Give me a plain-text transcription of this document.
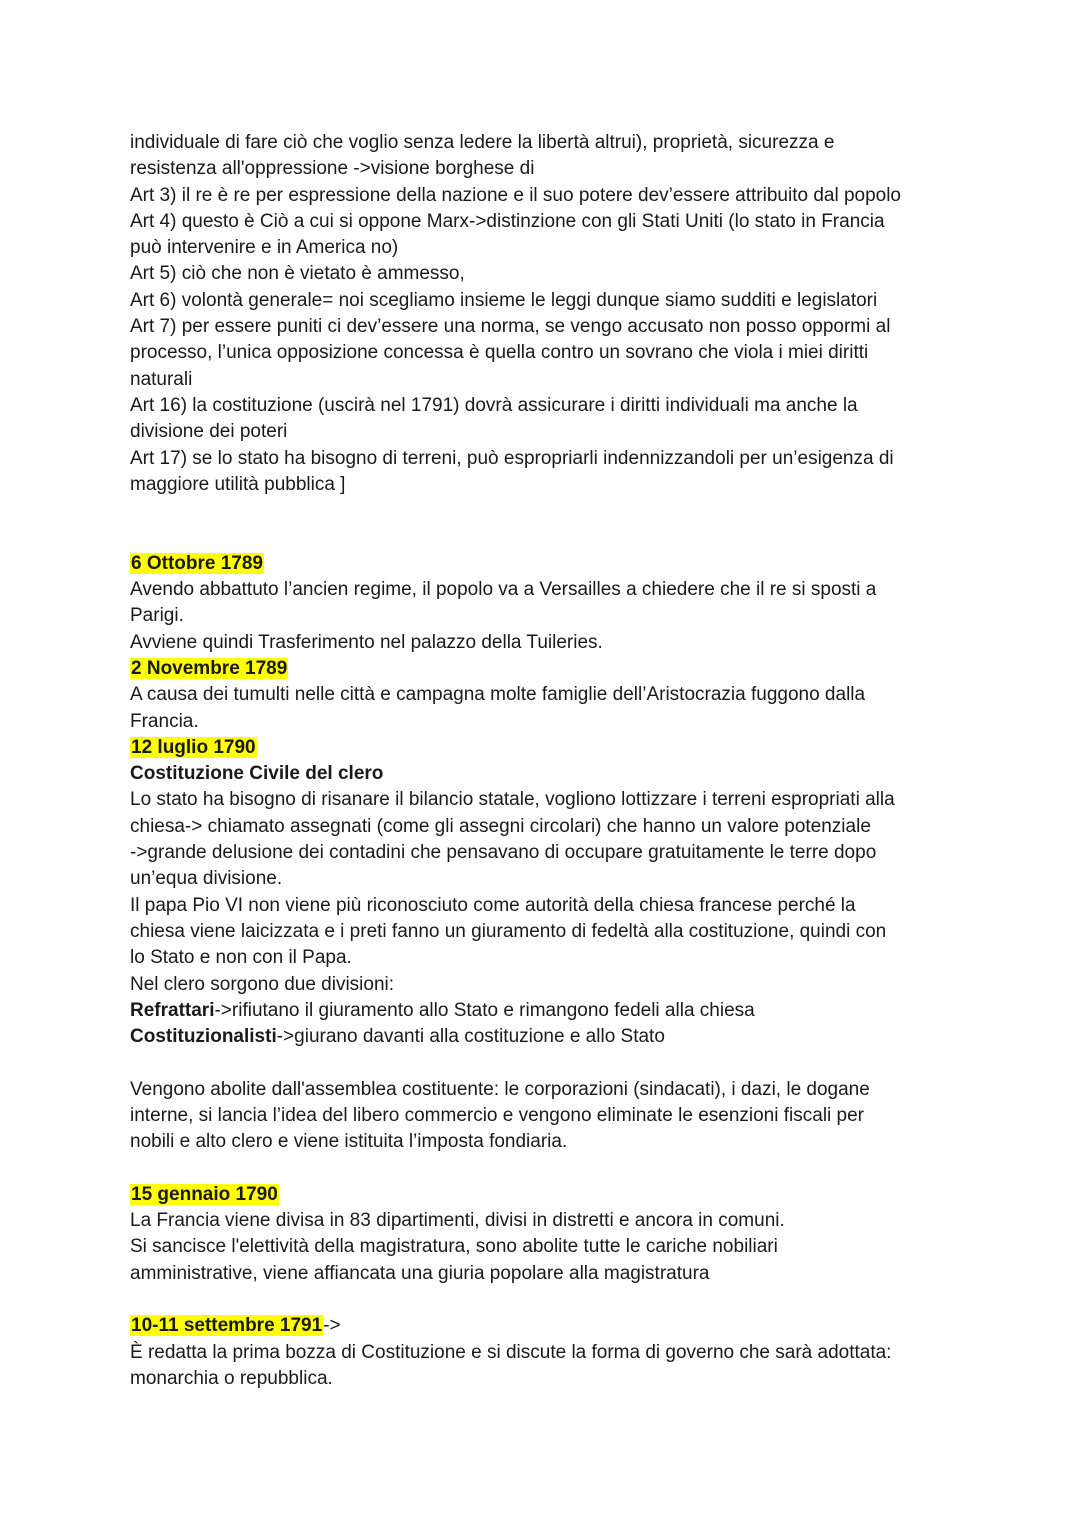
individuale di fare ciò che voglio senza ledere la libertà altrui), proprietà, sicurezza e
resistenza all'oppressione ->visione borghese di
Art 3) il re è re per espressione della nazione e il suo potere dev’essere attribuito dal popolo
Art 4) questo è Ciò a cui si oppone Marx->distinzione con gli Stati Uniti (lo stato in Francia
può intervenire e in America no)
Art 5) ciò che non è vietato è ammesso,
Art 6) volontà generale= noi scegliamo insieme le leggi dunque siamo sudditi e legislatori
Art 7) per essere puniti ci dev’essere una norma, se vengo accusato non posso oppormi al
processo, l’unica opposizione concessa è quella contro un sovrano che viola i miei diritti
naturali
Art 16) la costituzione (uscirà nel 1791) dovrà assicurare i diritti individuali ma anche la
divisione dei poteri
Art 17) se lo stato ha bisogno di terreni, può espropriarli indennizzandoli per un’esigenza di
maggiore utilità pubblica ]
6 Ottobre 1789
Avendo abbattuto l’ancien regime, il popolo va a Versailles a chiedere che il re si sposti a
Parigi.
Avviene quindi Trasferimento nel palazzo della Tuileries.
2 Novembre 1789
A causa dei tumulti nelle città e campagna molte famiglie dell’Aristocrazia fuggono dalla
Francia.
12 luglio 1790
Costituzione Civile del clero
Lo stato ha bisogno di risanare il bilancio statale, vogliono lottizzare i terreni espropriati alla
chiesa-> chiamato assegnati (come gli assegni circolari) che hanno un valore potenziale
->grande delusione dei contadini che pensavano di occupare gratuitamente le terre dopo
un’equa divisione.
Il papa Pio VI non viene più riconosciuto come autorità della chiesa francese perché la
chiesa viene laicizzata e i preti fanno un giuramento di fedeltà alla costituzione, quindi con
lo Stato e non con il Papa.
Nel clero sorgono due divisioni:
Refrattari->rifiutano il giuramento allo Stato e rimangono fedeli alla chiesa
Costituzionalisti->giurano davanti alla costituzione e allo Stato
Vengono abolite dall'assemblea costituente: le corporazioni (sindacati), i dazi, le dogane
interne, si lancia l’idea del libero commercio e vengono eliminate le esenzioni fiscali per
nobili e alto clero e viene istituita l’imposta fondiaria.
15 gennaio 1790
La Francia viene divisa in 83 dipartimenti, divisi in distretti e ancora in comuni.
Si sancisce l'elettività della magistratura, sono abolite tutte le cariche nobiliari
amministrative, viene affiancata una giuria popolare alla magistratura
10-11 settembre 1791->
È redatta la prima bozza di Costituzione e si discute la forma di governo che sarà adottata:
monarchia o repubblica.
